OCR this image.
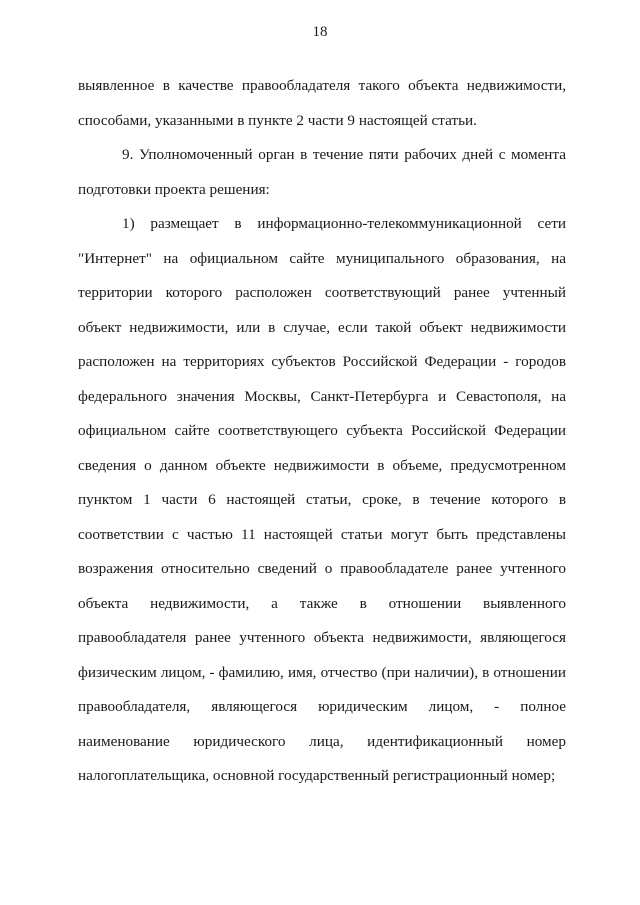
18
выявленное в качестве правообладателя такого объекта недвижимости,
способами, указанными в пункте 2 части 9 настоящей статьи.
9. Уполномоченный орган в течение пяти рабочих дней с момента
подготовки проекта решения:
1) размещает в информационно-телекоммуникационной сети
"Интернет" на официальном сайте муниципального образования, на
территории которого расположен соответствующий ранее учтенный
объект недвижимости, или в случае, если такой объект недвижимости
расположен на территориях субъектов Российской Федерации - городов
федерального значения Москвы, Санкт-Петербурга и Севастополя, на
официальном сайте соответствующего субъекта Российской Федерации
сведения о данном объекте недвижимости в объеме, предусмотренном
пунктом 1 части 6 настоящей статьи, сроке, в течение которого в
соответствии с частью 11 настоящей статьи могут быть представлены
возражения относительно сведений о правообладателе ранее учтенного
объекта недвижимости, а также в отношении выявленного
правообладателя ранее учтенного объекта недвижимости, являющегося
физическим лицом, - фамилию, имя, отчество (при наличии), в отношении
правообладателя, являющегося юридическим лицом, - полное
наименование юридического лица, идентификационный номер
налогоплательщика, основной государственный регистрационный номер;
